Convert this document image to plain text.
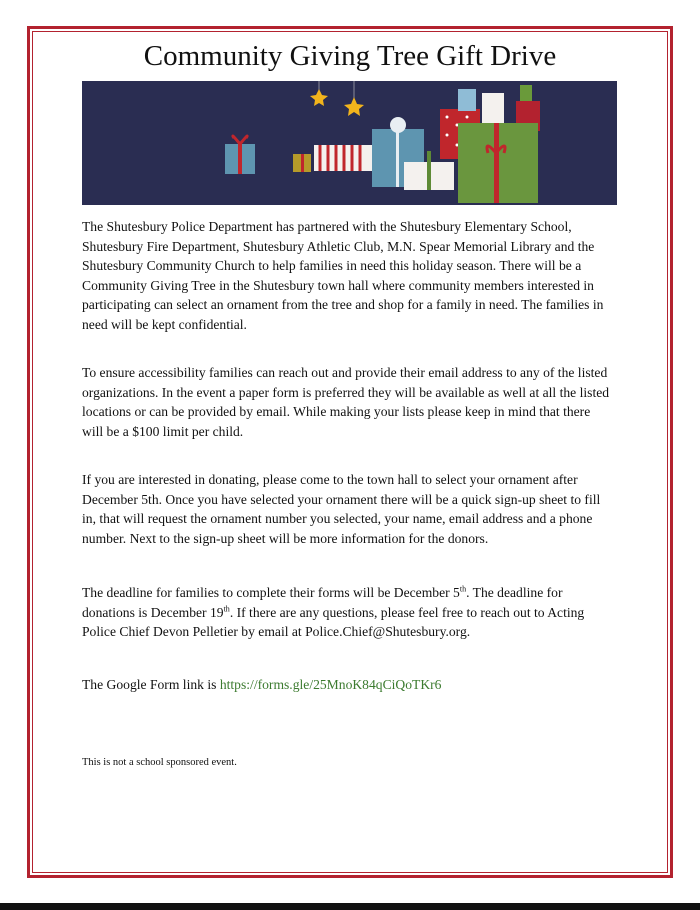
Community Giving Tree Gift Drive
The Shutesbury Police Department has partnered with the Shutesbury Elementary School,
Shutesbury Fire Department, Shutesbury Athletic Club, M.N. Spear Memorial Library and the
Shutesbury Community Church to help families in need this holiday season. There will be a
Community Giving Tree in the Shutesbury town hall where community members interested in
participating can select an ornament from the tree and shop for a family in need. The families in
need will be kept confidential.
To ensure accessibility families can reach out and provide their email address to any of the listed
organizations. In the event a paper form is preferred they will be available as well at all the listed
locations or can be provided by email. While making your lists please keep in mind that there
will be a $100 limit per child.
If you are interested in donating, please come to the town hall to select your ornament after
December 5th. Once you have selected your ornament there will be a quick sign-up sheet to fill
in, that will request the ornament number you selected, your name, email address and a phone
number. Next to the sign-up sheet will be more information for the donors.
The deadline for families to complete their forms will be December 5th. The deadline for
donations is December 19th. If there are any questions, please feel free to reach out to Acting
Police Chief Devon Pelletier by email at Police.Chief@Shutesbury.org.
The Google Form link is https://forms.gle/25MnoK84qCiQoTKr6
This is not a school sponsored event.
